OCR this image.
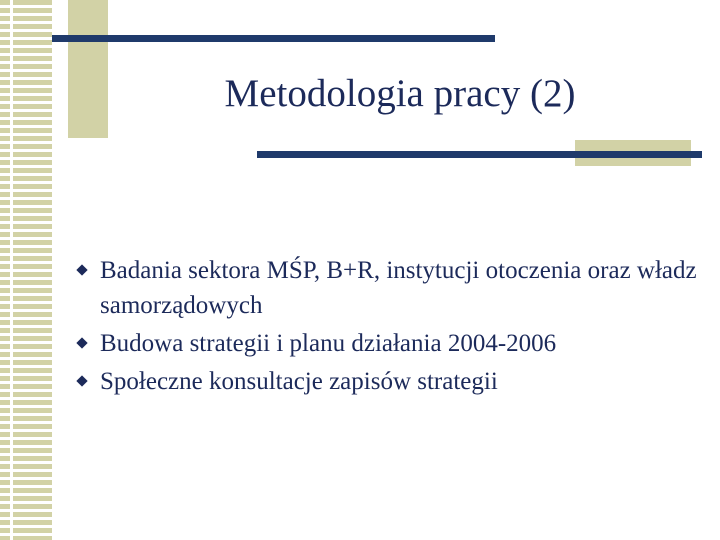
Metodologia pracy (2)
Badania sektora MŚP, B+R, instytucji otoczenia oraz władz samorządowych
Budowa strategii i planu działania 2004-2006
Społeczne konsultacje zapisów strategii
